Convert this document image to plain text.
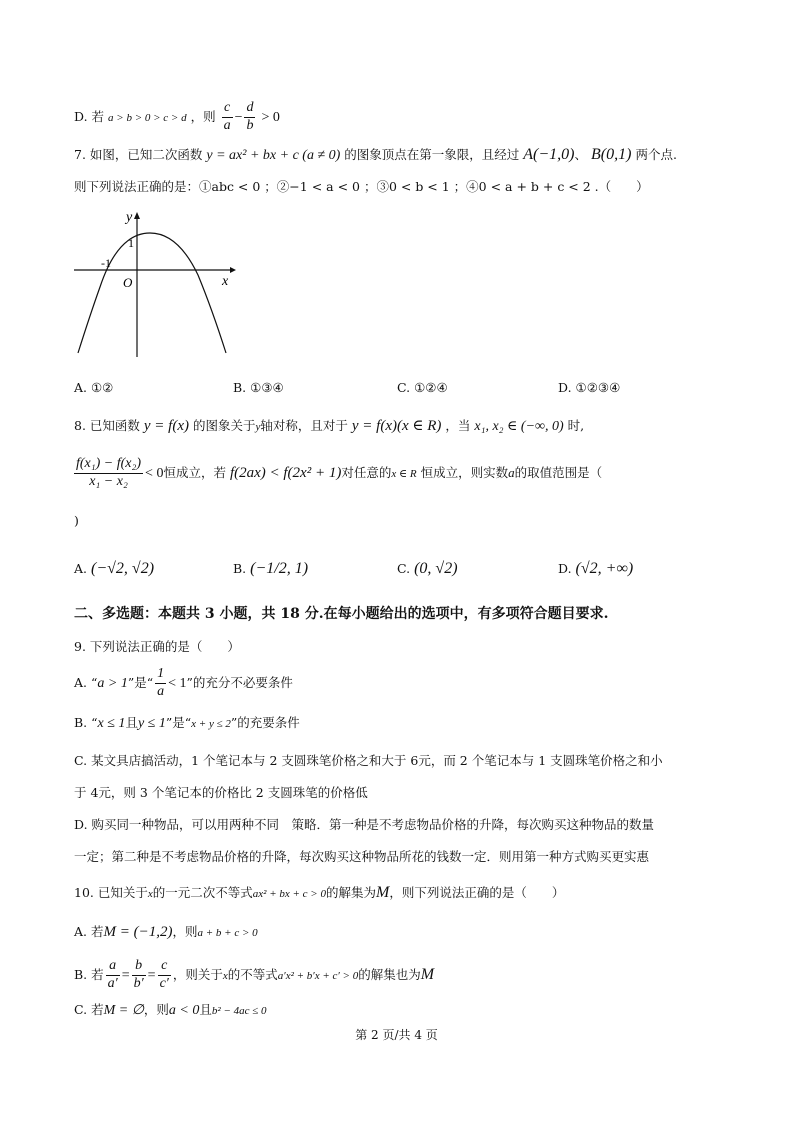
D. 若 a > b > 0 > c > d ，则 $\frac{c}{a} - \frac{d}{b} > 0$
7. 如图，已知二次函数 y = ax² + bx + c (a ≠ 0) 的图象顶点在第一象限，且经过 A(−1,0)、 B(0,1) 两个点.
则下列说法正确的是：①abc < 0 ；②−1 < a < 0 ；③0 < b < 1 ；④0 < a + b + c < 2 .（　　）
y
x
O
1
-1
A. ①②	B. ①③④	C. ①②④	D. ①②③④
8. 已知函数 y = f(x) 的图象关于y轴对称，且对于 y = f(x)(x ∈ R) ，当 x₁, x₂ ∈ (−∞, 0) 时,
$\frac{\text{f(x₁) − f(x₂)}}{\text{x₁ − x₂}} < 0$恒成立，若 f(2ax) < f(2x² + 1)对任意的x ∈ R 恒成立，则实数a的取值范围是（
)
A. (−√2, √2)	B. (−1/2, 1)	C. (0, √2)	D. (√2, +∞)
二、多选题：本题共 3 小题，共 18 分.在每小题给出的选项中，有多项符合题目要求.
9. 下列说法正确的是（　　）
A. “a > 1”是“ $\frac{1}{a} < 1$”的充分不必要条件
B. “x ≤ 1且y ≤ 1”是“x + y ≤ 2”的充要条件
C. 某文具店搞活动，1 个笔记本与 2 支圆珠笔价格之和大于 6元，而 2 个笔记本与 1 支圆珠笔价格之和小
于 4元，则 3 个笔记本的价格比 2 支圆珠笔的价格低
D. 购买同一种物品，可以用两种不同　策略．第一种是不考虑物品价格的升降，每次购买这种物品的数量
一定；第二种是不考虑物品价格的升降，每次购买这种物品所花的钱数一定．则用第一种方式购买更实惠
10. 已知关于x的一元二次不等式ax² + bx + c > 0的解集为M，则下列说法正确的是（　　）
A. 若M = (−1,2)，则a + b + c > 0
B. 若 $\frac{a}{a'} = \frac{b}{b'} = \frac{c}{c'}$ ，则关于x的不等式a′x² + b′x + c′ > 0的解集也为M
C. 若M = ∅，则a < 0且b² − 4ac ≤ 0
第 2 页/共 4 页
